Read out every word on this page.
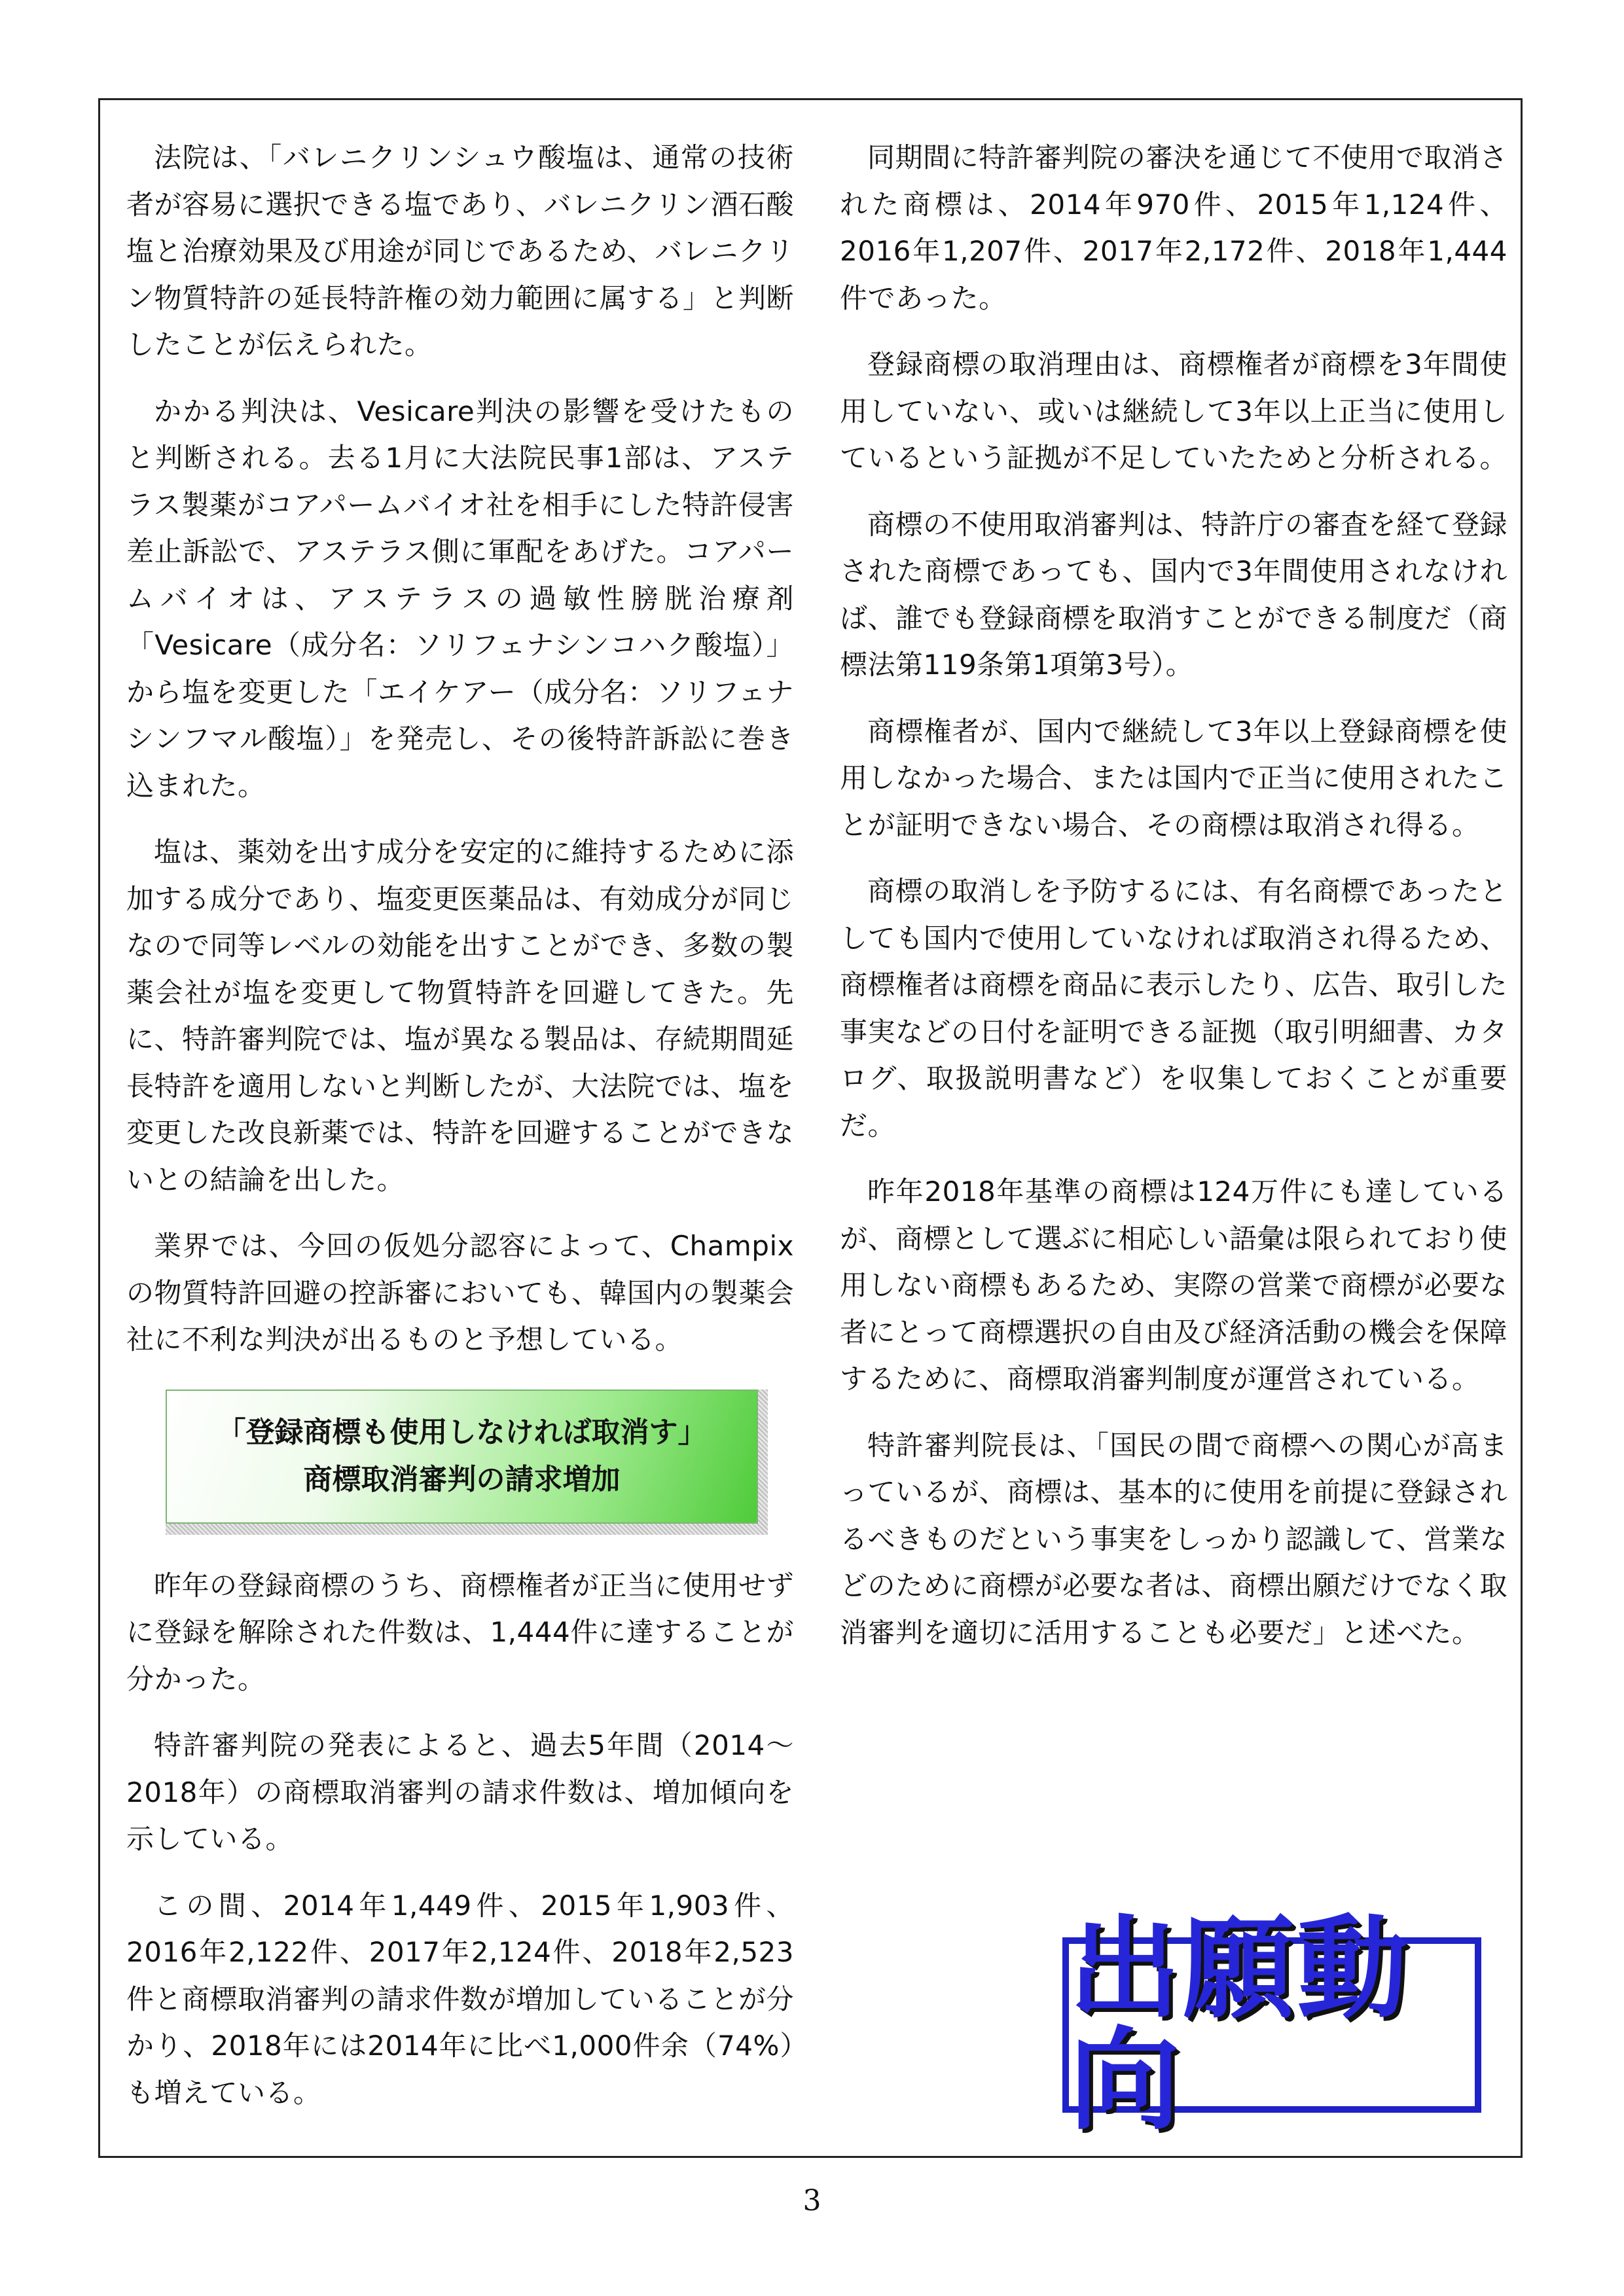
法院は、「バレニクリンシュウ酸塩は、通常の技術者が容易に選択できる塩であり、バレニクリン酒石酸塩と治療効果及び用途が同じであるため、バレニクリン物質特許の延長特許権の効力範囲に属する」と判断したことが伝えられた。

かかる判決は、Vesicare判決の影響を受けたものと判断される。去る1月に大法院民事1部は、アステラス製薬がコアパームバイオ社を相手にした特許侵害差止訴訟で、アステラス側に軍配をあげた。コアパームバイオは、アステラスの過敏性膀胱治療剤「Vesicare（成分名：ソリフェナシンコハク酸塩）」から塩を変更した「エイケアー（成分名：ソリフェナシンフマル酸塩）」を発売し、その後特許訴訟に巻き込まれた。

塩は、薬効を出す成分を安定的に維持するために添加する成分であり、塩変更医薬品は、有効成分が同じなので同等レベルの効能を出すことができ、多数の製薬会社が塩を変更して物質特許を回避してきた。先に、特許審判院では、塩が異なる製品は、存続期間延長特許を適用しないと判断したが、大法院では、塩を変更した改良新薬では、特許を回避することができないとの結論を出した。

業界では、今回の仮処分認容によって、Champixの物質特許回避の控訴審においても、韓国内の製薬会社に不利な判決が出るものと予想している。

「登録商標も使用しなければ取消す」
商標取消審判の請求増加

昨年の登録商標のうち、商標権者が正当に使用せずに登録を解除された件数は、1,444件に達することが分かった。

特許審判院の発表によると、過去5年間（2014～2018年）の商標取消審判の請求件数は、増加傾向を示している。

この間、2014年1,449件、2015年1,903件、2016年2,122件、2017年2,124件、2018年2,523件と商標取消審判の請求件数が増加していることが分かり、2018年には2014年に比べ1,000件余（74%）も増えている。

同期間に特許審判院の審決を通じて不使用で取消された商標は、2014年970件、2015年1,124件、2016年1,207件、2017年2,172件、2018年1,444件であった。

登録商標の取消理由は、商標権者が商標を3年間使用していない、或いは継続して3年以上正当に使用しているという証拠が不足していたためと分析される。

商標の不使用取消審判は、特許庁の審査を経て登録された商標であっても、国内で3年間使用されなければ、誰でも登録商標を取消すことができる制度だ（商標法第119条第1項第3号）。

商標権者が、国内で継続して3年以上登録商標を使用しなかった場合、または国内で正当に使用されたことが証明できない場合、その商標は取消され得る。

商標の取消しを予防するには、有名商標であったとしても国内で使用していなければ取消され得るため、商標権者は商標を商品に表示したり、広告、取引した事実などの日付を証明できる証拠（取引明細書、カタログ、取扱説明書など）を収集しておくことが重要だ。

昨年2018年基準の商標は124万件にも達しているが、商標として選ぶに相応しい語彙は限られており使用しない商標もあるため、実際の営業で商標が必要な者にとって商標選択の自由及び経済活動の機会を保障するために、商標取消審判制度が運営されている。

特許審判院長は、「国民の間で商標への関心が高まっているが、商標は、基本的に使用を前提に登録されるべきものだという事実をしっかり認識して、営業などのために商標が必要な者は、商標出願だけでなく取消審判を適切に活用することも必要だ」と述べた。

出願動向
3
